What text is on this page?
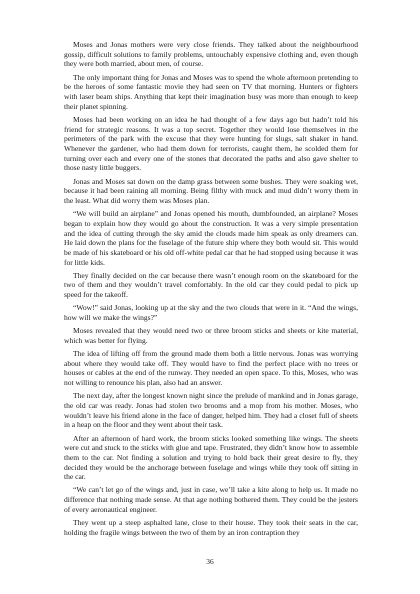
Moses and Jonas mothers were very close friends. They talked about the neighbourhood gossip, difficult solutions to family problems, untouchably expensive clothing and, even though they were both married, about men, of course.

The only important thing for Jonas and Moses was to spend the whole afternoon pretending to be the heroes of some fantastic movie they had seen on TV that morning. Hunters or fighters with laser beam ships. Anything that kept their imagination busy was more than enough to keep their planet spinning.

Moses had been working on an idea he had thought of a few days ago but hadn’t told his friend for strategic reasons. It was a top secret. Together they would lose themselves in the perimeters of the park with the excuse that they were hunting for slugs, salt shaker in hand. Whenever the gardener, who had them down for terrorists, caught them, he scolded them for turning over each and every one of the stones that decorated the paths and also gave shelter to those nasty little buggers.

Jonas and Moses sat down on the damp grass between some bushes. They were soaking wet, because it had been raining all morning. Being filthy with muck and mud didn’t worry them in the least. What did worry them was Moses plan.

“We will build an airplane” and Jonas opened his mouth, dumbfounded, an airplane? Moses began to explain how they would go about the construction. It was a very simple presentation and the idea of cutting through the sky amid the clouds made him speak as only dreamers can. He laid down the plans for the fuselage of the future ship where they both would sit. This would be made of his skateboard or his old off-white pedal car that he had stopped using because it was for little kids.

They finally decided on the car because there wasn’t enough room on the skateboard for the two of them and they wouldn’t travel comfortably. In the old car they could pedal to pick up speed for the takeoff.

“Wow!” said Jonas, looking up at the sky and the two clouds that were in it. “And the wings, how will we make the wings?”

Moses revealed that they would need two or three broom sticks and sheets or kite material, which was better for flying.

The idea of lifting off from the ground made them both a little nervous. Jonas was worrying about where they would take off. They would have to find the perfect place with no trees or houses or cables at the end of the runway. They needed an open space. To this, Moses, who was not willing to renounce his plan, also had an answer.

The next day, after the longest known night since the prelude of mankind and in Jonas garage, the old car was ready. Jonas had stolen two brooms and a mop from his mother. Moses, who wouldn’t leave his friend alone in the face of danger, helped him. They had a closet full of sheets in a heap on the floor and they went about their task.

After an afternoon of hard work, the broom sticks looked something like wings. The sheets were cut and stuck to the sticks with glue and tape. Frustrated, they didn’t know how to assemble them to the car. Not finding a solution and trying to hold back their great desire to fly, they decided they would be the anchorage between fuselage and wings while they took off sitting in the car.

“We can’t let go of the wings and, just in case, we’ll take a kite along to help us. It made no difference that nothing made sense. At that age nothing bothered them. They could be the jesters of every aeronautical engineer.

They went up a steep asphalted lane, close to their house. They took their seats in the car, holding the fragile wings between the two of them by an iron contraption they

36
